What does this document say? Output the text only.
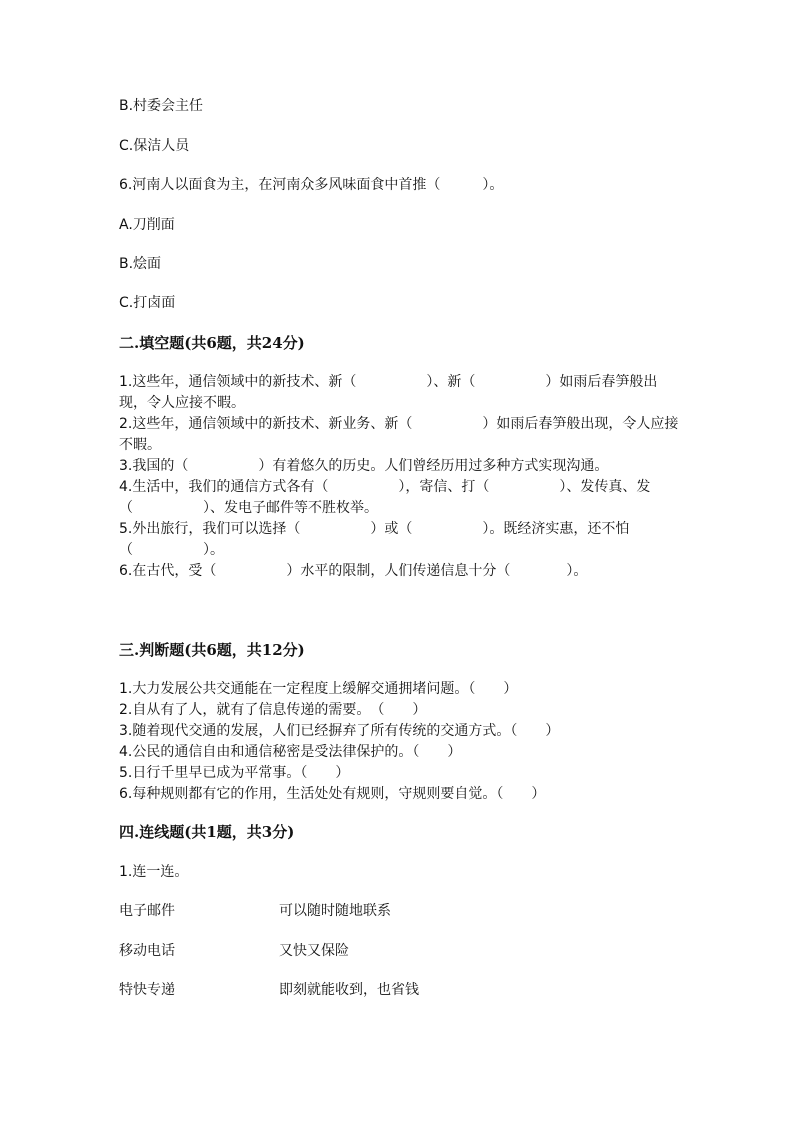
B.村委会主任
C.保洁人员
6.河南人以面食为主，在河南众多风味面食中首推（　　　）。
A.刀削面
B.烩面
C.打卤面
二.填空题(共6题，共24分)
1.这些年，通信领域中的新技术、新（　　　　　）、新（　　　　　）如雨后春笋般出现，令人应接不暇。
2.这些年，通信领域中的新技术、新业务、新（　　　　　）如雨后春笋般出现，令人应接不暇。
3.我国的（　　　　　）有着悠久的历史。人们曾经历用过多种方式实现沟通。
4.生活中，我们的通信方式各有（　　　　　），寄信、打（　　　　　）、发传真、发（　　　　　）、发电子邮件等不胜枚举。
5.外出旅行，我们可以选择（　　　　　）或（　　　　　）。既经济实惠，还不怕（　　　　　）。
6.在古代，受（　　　　　）水平的限制，人们传递信息十分（　　　　）。
三.判断题(共6题，共12分)
1.大力发展公共交通能在一定程度上缓解交通拥堵问题。（　　）
2.自从有了人，就有了信息传递的需要。　（　　）
3.随着现代交通的发展，人们已经摒弃了所有传统的交通方式。（　　）
4.公民的通信自由和通信秘密是受法律保护的。（　　）
5.日行千里早已成为平常事。（　　）
6.每种规则都有它的作用，生活处处有规则，守规则要自觉。（　　）
四.连线题(共1题，共3分)
1.连一连。
电子邮件	可以随时随地联系
移动电话	又快又保险
特快专递	即刻就能收到，也省钱
